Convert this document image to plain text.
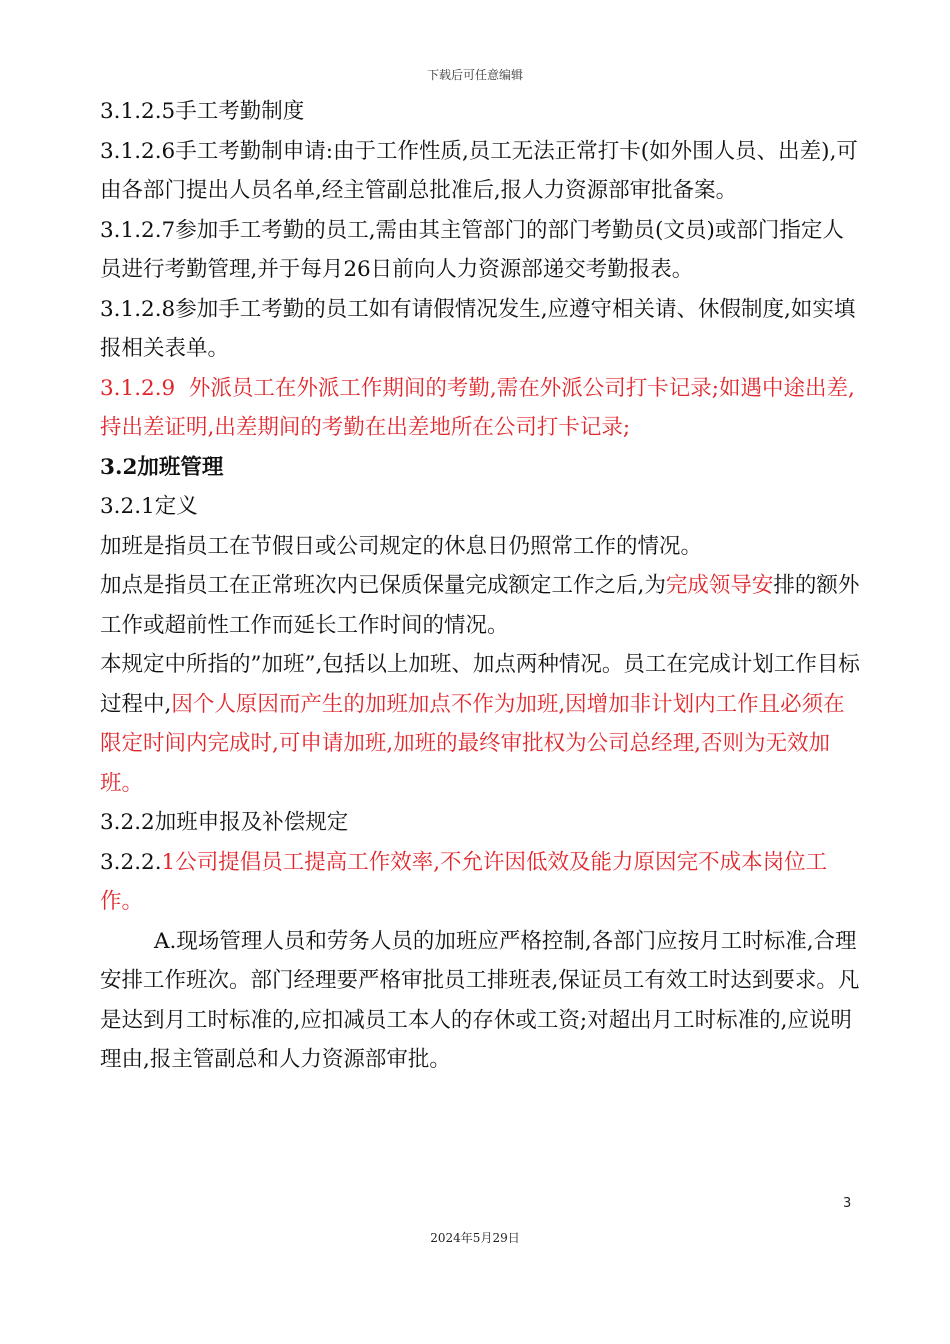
下载后可任意编辑

3.1.2.5手工考勤制度

3.1.2.6手工考勤制申请:由于工作性质,员工无法正常打卡(如外围人员、出差),可由各部门提出人员名单,经主管副总批准后,报人力资源部审批备案。

3.1.2.7参加手工考勤的员工,需由其主管部门的部门考勤员(文员)或部门指定人员进行考勤管理,并于每月26日前向人力资源部递交考勤报表。

3.1.2.8参加手工考勤的员工如有请假情况发生,应遵守相关请、休假制度,如实填报相关表单。

3.1.2.9  外派员工在外派工作期间的考勤,需在外派公司打卡记录;如遇中途出差,持出差证明,出差期间的考勤在出差地所在公司打卡记录;

3.2加班管理

3.2.1定义

加班是指员工在节假日或公司规定的休息日仍照常工作的情况。

加点是指员工在正常班次内已保质保量完成额定工作之后,为完成领导安排的额外工作或超前性工作而延长工作时间的情况。

本规定中所指的”加班”,包括以上加班、加点两种情况。员工在完成计划工作目标过程中,因个人原因而产生的加班加点不作为加班,因增加非计划内工作且必须在限定时间内完成时,可申请加班,加班的最终审批权为公司总经理,否则为无效加班。

3.2.2加班申报及补偿规定

3.2.2.1公司提倡员工提高工作效率,不允许因低效及能力原因完不成本岗位工作。

A.现场管理人员和劳务人员的加班应严格控制,各部门应按月工时标准,合理安排工作班次。部门经理要严格审批员工排班表,保证员工有效工时达到要求。凡是达到月工时标准的,应扣减员工本人的存休或工资;对超出月工时标准的,应说明理由,报主管副总和人力资源部审批。

3
2024年5月29日
